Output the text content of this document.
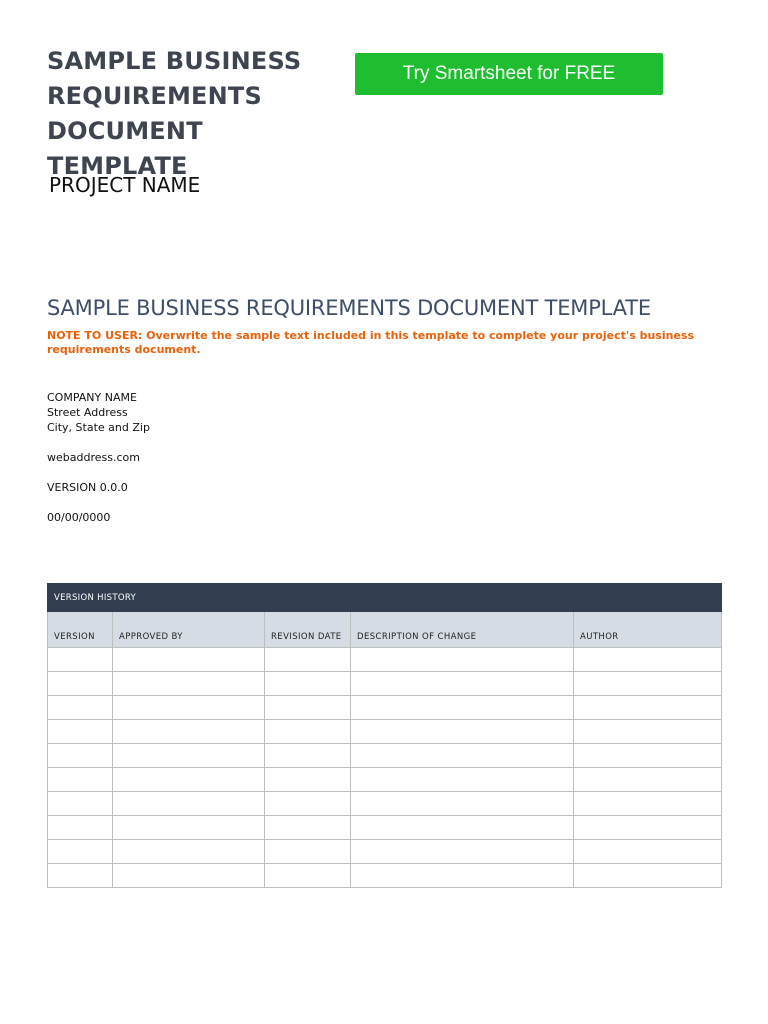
SAMPLE BUSINESS
REQUIREMENTS
DOCUMENT TEMPLATE
Try Smartsheet for FREE
PROJECT NAME
SAMPLE BUSINESS REQUIREMENTS DOCUMENT TEMPLATE

NOTE TO USER: Overwrite the sample text included in this template to complete your project's business requirements document.

COMPANY NAME

Street Address

City, State and Zip

webaddress.com

VERSION 0.0.0

00/00/0000

VERSION HISTORY				
VERSION	APPROVED BY	REVISION DATE	DESCRIPTION OF CHANGE	AUTHOR
